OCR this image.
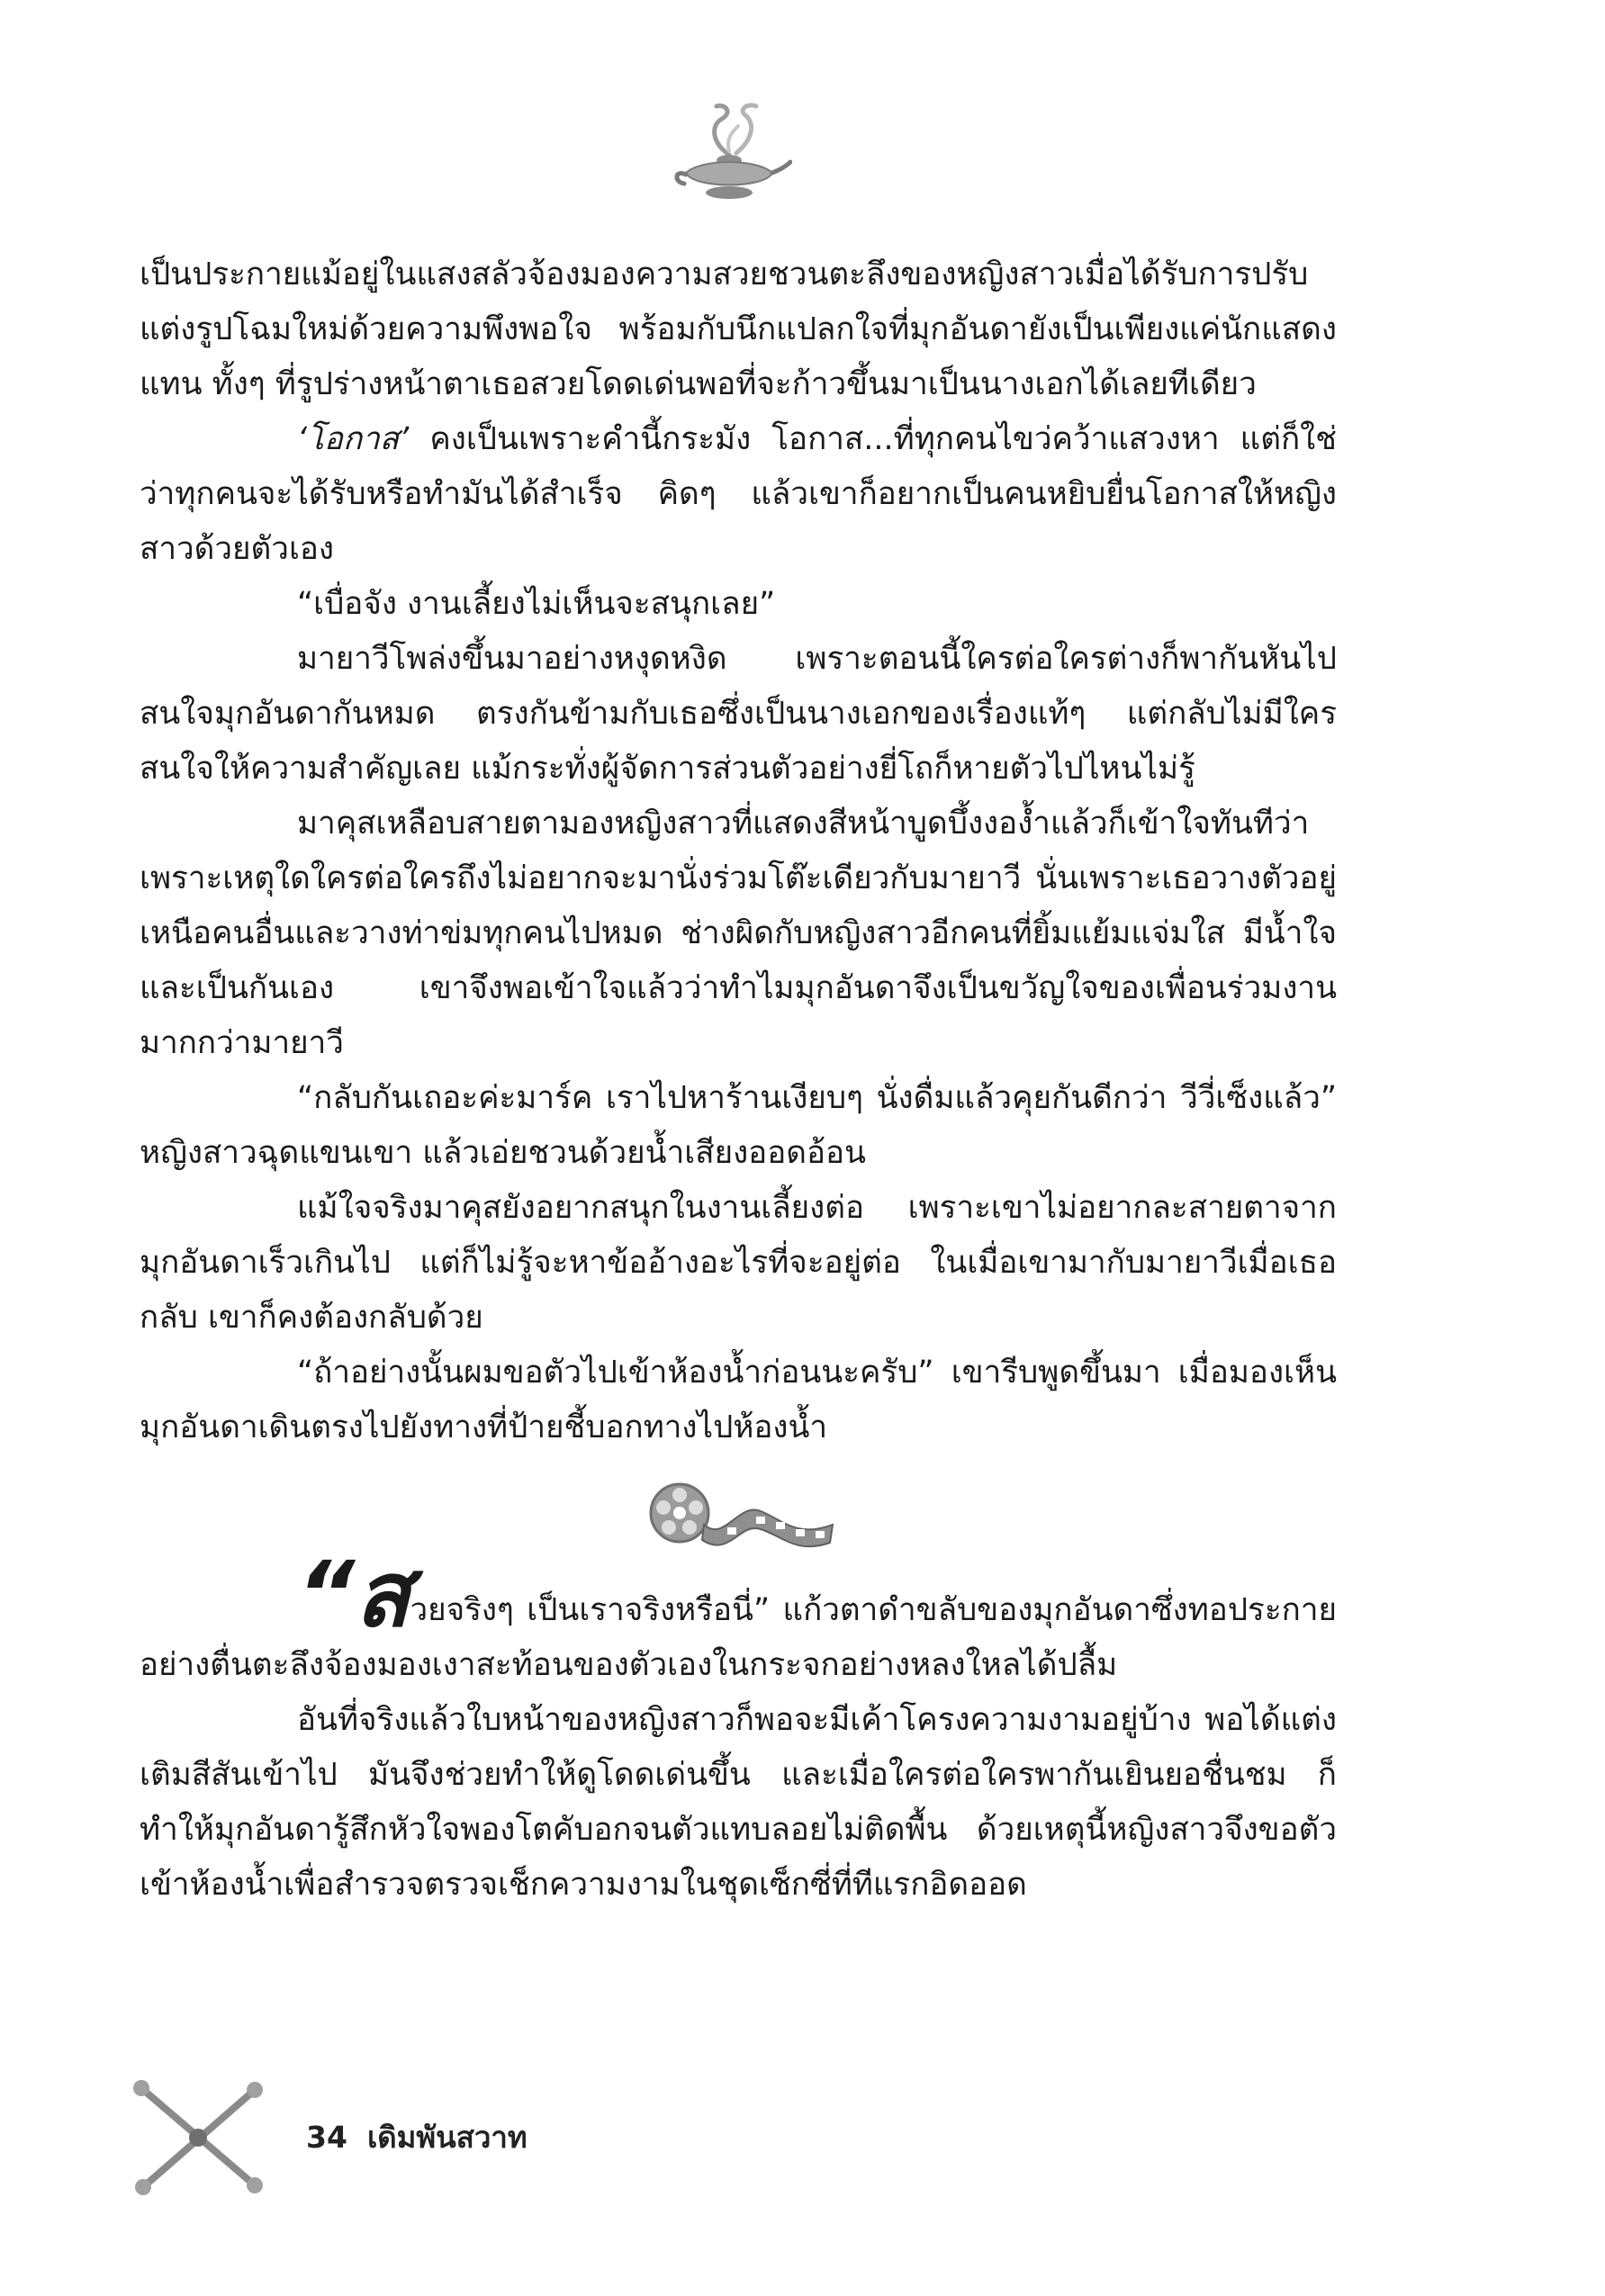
เป็นประกายแม้อยู่ในแสงสลัวจ้องมองความสวยชวนตะลึงของหญิงสาวเมื่อได้รับการปรับแต่งรูปโฉมใหม่ด้วยความพึงพอใจ พร้อมกับนึกแปลกใจที่มุกอันดายังเป็นเพียงแค่นักแสดงแทน ทั้งๆ ที่รูปร่างหน้าตาเธอสวยโดดเด่นพอที่จะก้าวขึ้นมาเป็นนางเอกได้เลยทีเดียว

‘โอกาส’ คงเป็นเพราะคำนี้กระมัง โอกาส...ที่ทุกคนไขว่คว้าแสวงหา แต่ก็ใช่ว่าทุกคนจะได้รับหรือทำมันได้สำเร็จ คิดๆ แล้วเขาก็อยากเป็นคนหยิบยื่นโอกาสให้หญิงสาวด้วยตัวเอง

“เบื่อจัง งานเลี้ยงไม่เห็นจะสนุกเลย”

มายาวีโพล่งขึ้นมาอย่างหงุดหงิด เพราะตอนนี้ใครต่อใครต่างก็พากันหันไปสนใจมุกอันดากันหมด ตรงกันข้ามกับเธอซึ่งเป็นนางเอกของเรื่องแท้ๆ แต่กลับไม่มีใครสนใจให้ความสำคัญเลย แม้กระทั่งผู้จัดการส่วนตัวอย่างยี่โถก็หายตัวไปไหนไม่รู้

มาคุสเหลือบสายตามองหญิงสาวที่แสดงสีหน้าบูดบึ้งงองํ้าแล้วก็เข้าใจทันทีว่าเพราะเหตุใดใครต่อใครถึงไม่อยากจะมานั่งร่วมโต๊ะเดียวกับมายาวี นั่นเพราะเธอวางตัวอยู่เหนือคนอื่นและวางท่าข่มทุกคนไปหมด ช่างผิดกับหญิงสาวอีกคนที่ยิ้มแย้มแจ่มใส มีน้ำใจ และเป็นกันเอง เขาจึงพอเข้าใจแล้วว่าทำไมมุกอันดาจึงเป็นขวัญใจของเพื่อนร่วมงานมากกว่ามายาวี

“กลับกันเถอะค่ะมาร์ค เราไปหาร้านเงียบๆ นั่งดื่มแล้วคุยกันดีกว่า วีวี่เซ็งแล้ว” หญิงสาวฉุดแขนเขา แล้วเอ่ยชวนด้วยน้ำเสียงออดอ้อน

แม้ใจจริงมาคุสยังอยากสนุกในงานเลี้ยงต่อ เพราะเขาไม่อยากละสายตาจากมุกอันดาเร็วเกินไป แต่ก็ไม่รู้จะหาข้ออ้างอะไรที่จะอยู่ต่อ ในเมื่อเขามากับมายาวีเมื่อเธอกลับ เขาก็คงต้องกลับด้วย

“ถ้าอย่างนั้นผมขอตัวไปเข้าห้องน้ำก่อนนะครับ” เขารีบพูดขึ้นมา เมื่อมองเห็นมุกอันดาเดินตรงไปยังทางที่ป้ายชี้บอกทางไปห้องน้ำ

“สวยจริงๆ เป็นเราจริงหรือนี่” แก้วตาดำขลับของมุกอันดาซึ่งทอประกายอย่างตื่นตะลึงจ้องมองเงาสะท้อนของตัวเองในกระจกอย่างหลงใหลได้ปลื้ม

อันที่จริงแล้วใบหน้าของหญิงสาวก็พอจะมีเค้าโครงความงามอยู่บ้าง พอได้แต่งเติมสีสันเข้าไป มันจึงช่วยทำให้ดูโดดเด่นขึ้น และเมื่อใครต่อใครพากันเยินยอชื่นชม ก็ทำให้มุกอันดารู้สึกหัวใจพองโตคับอกจนตัวแทบลอยไม่ติดพื้น ด้วยเหตุนี้หญิงสาวจึงขอตัวเข้าห้องน้ำเพื่อสำรวจตรวจเช็กความงามในชุดเซ็กซี่ที่ทีแรกอิดออด

34 เดิมพันสวาท
